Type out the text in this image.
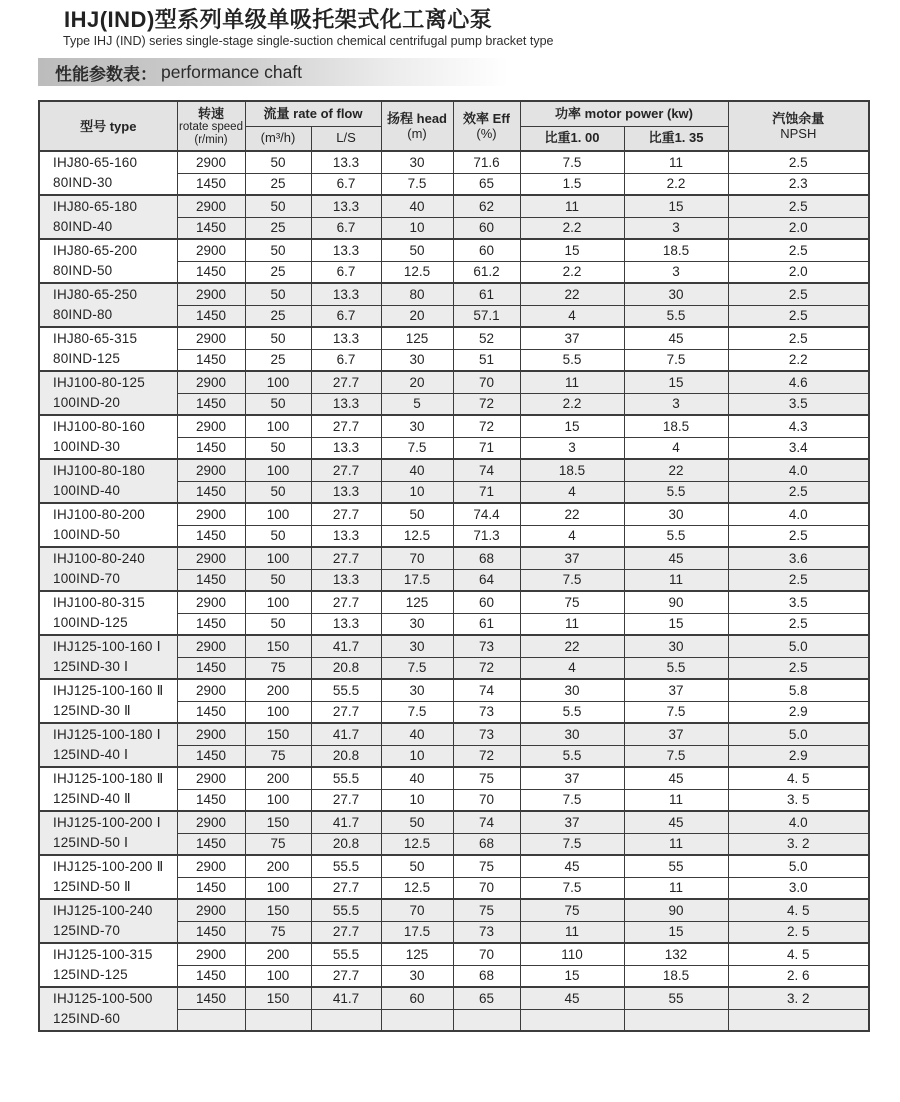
IHJ(IND)型系列单级单吸托架式化工离心泵
Type IHJ (IND) series single-stage single-suction chemical centrifugal pump bracket type
性能参数表： performance chaft
型号 type	转速
rotate speed
(r/min)	流量 rate of flow		扬程 head
(m)	效率 Eff
(%)	功率 motor power (kw)		汽蚀余量
NPSH

		(m³/h)	L/S			比重1. 00	比重1. 35	

IHJ80-65-160
80IND-30	2900	50	13.3	30	71.6	7.5	11	2.5
	1450	25	6.7	7.5	65	1.5	2.2	2.3

IHJ80-65-180
80IND-40	2900	50	13.3	40	62	11	15	2.5
	1450	25	6.7	10	60	2.2	3	2.0

IHJ80-65-200
80IND-50	2900	50	13.3	50	60	15	18.5	2.5
	1450	25	6.7	12.5	61.2	2.2	3	2.0

IHJ80-65-250
80IND-80	2900	50	13.3	80	61	22	30	2.5
	1450	25	6.7	20	57.1	4	5.5	2.5

IHJ80-65-315
80IND-125	2900	50	13.3	125	52	37	45	2.5
	1450	25	6.7	30	51	5.5	7.5	2.2

IHJ100-80-125
100IND-20	2900	100	27.7	20	70	11	15	4.6
	1450	50	13.3	5	72	2.2	3	3.5

IHJ100-80-160
100IND-30	2900	100	27.7	30	72	15	18.5	4.3
	1450	50	13.3	7.5	71	3	4	3.4

IHJ100-80-180
100IND-40	2900	100	27.7	40	74	18.5	22	4.0
	1450	50	13.3	10	71	4	5.5	2.5

IHJ100-80-200
100IND-50	2900	100	27.7	50	74.4	22	30	4.0
	1450	50	13.3	12.5	71.3	4	5.5	2.5

IHJ100-80-240
100IND-70	2900	100	27.7	70	68	37	45	3.6
	1450	50	13.3	17.5	64	7.5	11	2.5

IHJ100-80-315
100IND-125	2900	100	27.7	125	60	75	90	3.5
	1450	50	13.3	30	61	11	15	2.5

IHJ125-100-160 Ⅰ
125IND-30 Ⅰ	2900	150	41.7	30	73	22	30	5.0
	1450	75	20.8	7.5	72	4	5.5	2.5

IHJ125-100-160 Ⅱ
125IND-30 Ⅱ	2900	200	55.5	30	74	30	37	5.8
	1450	100	27.7	7.5	73	5.5	7.5	2.9

IHJ125-100-180 Ⅰ
125IND-40 Ⅰ	2900	150	41.7	40	73	30	37	5.0
	1450	75	20.8	10	72	5.5	7.5	2.9

IHJ125-100-180 Ⅱ
125IND-40 Ⅱ	2900	200	55.5	40	75	37	45	4. 5
	1450	100	27.7	10	70	7.5	11	3. 5

IHJ125-100-200 Ⅰ
125IND-50 Ⅰ	2900	150	41.7	50	74	37	45	4.0
	1450	75	20.8	12.5	68	7.5	11	3. 2

IHJ125-100-200 Ⅱ
125IND-50 Ⅱ	2900	200	55.5	50	75	45	55	5.0
	1450	100	27.7	12.5	70	7.5	11	3.0

IHJ125-100-240
125IND-70	2900	150	55.5	70	75	75	90	4. 5
	1450	75	27.7	17.5	73	11	15	2. 5

IHJ125-100-315
125IND-125	2900	200	55.5	125	70	110	132	4. 5
	1450	100	27.7	30	68	15	18.5	2. 6

IHJ125-100-500
125IND-60	1450	150	41.7	60	65	45	55	3. 2
